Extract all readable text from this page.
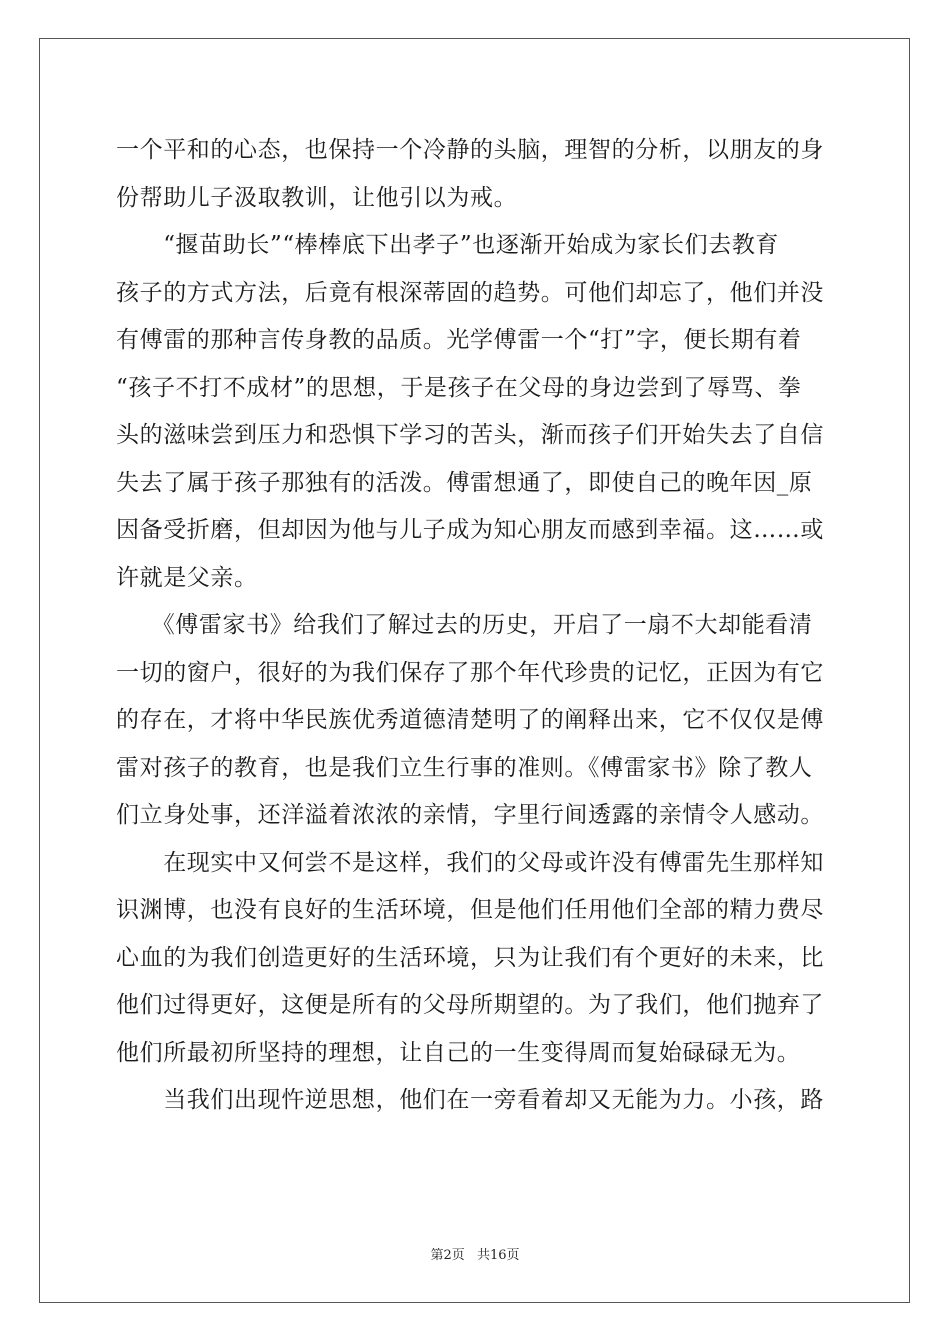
一个平和的心态，也保持一个冷静的头脑，理智的分析，以朋友的身
份帮助儿子汲取教训，让他引以为戒。
　　“揠苗助长”“棒棒底下出孝子”也逐渐开始成为家长们去教育
孩子的方式方法，后竟有根深蒂固的趋势。可他们却忘了，他们并没
有傅雷的那种言传身教的品质。光学傅雷一个“打”字，便长期有着
“孩子不打不成材”的思想，于是孩子在父母的身边尝到了辱骂、拳
头的滋味尝到压力和恐惧下学习的苦头，渐而孩子们开始失去了自信
失去了属于孩子那独有的活泼。傅雷想通了，即使自己的晚年因_原
因备受折磨，但却因为他与儿子成为知心朋友而感到幸福。这……或
许就是父亲。
　　《傅雷家书》给我们了解过去的历史，开启了一扇不大却能看清
一切的窗户，很好的为我们保存了那个年代珍贵的记忆，正因为有它
的存在，才将中华民族优秀道德清楚明了的阐释出来，它不仅仅是傅
雷对孩子的教育，也是我们立生行事的准则。《傅雷家书》除了教人
们立身处事，还洋溢着浓浓的亲情，字里行间透露的亲情令人感动。
　　在现实中又何尝不是这样，我们的父母或许没有傅雷先生那样知
识渊博，也没有良好的生活环境，但是他们任用他们全部的精力费尽
心血的为我们创造更好的生活环境，只为让我们有个更好的未来，比
他们过得更好，这便是所有的父母所期望的。为了我们，他们抛弃了
他们所最初所坚持的理想，让自己的一生变得周而复始碌碌无为。
　　当我们出现忤逆思想，他们在一旁看着却又无能为力。小孩，路
第2页 共16页
